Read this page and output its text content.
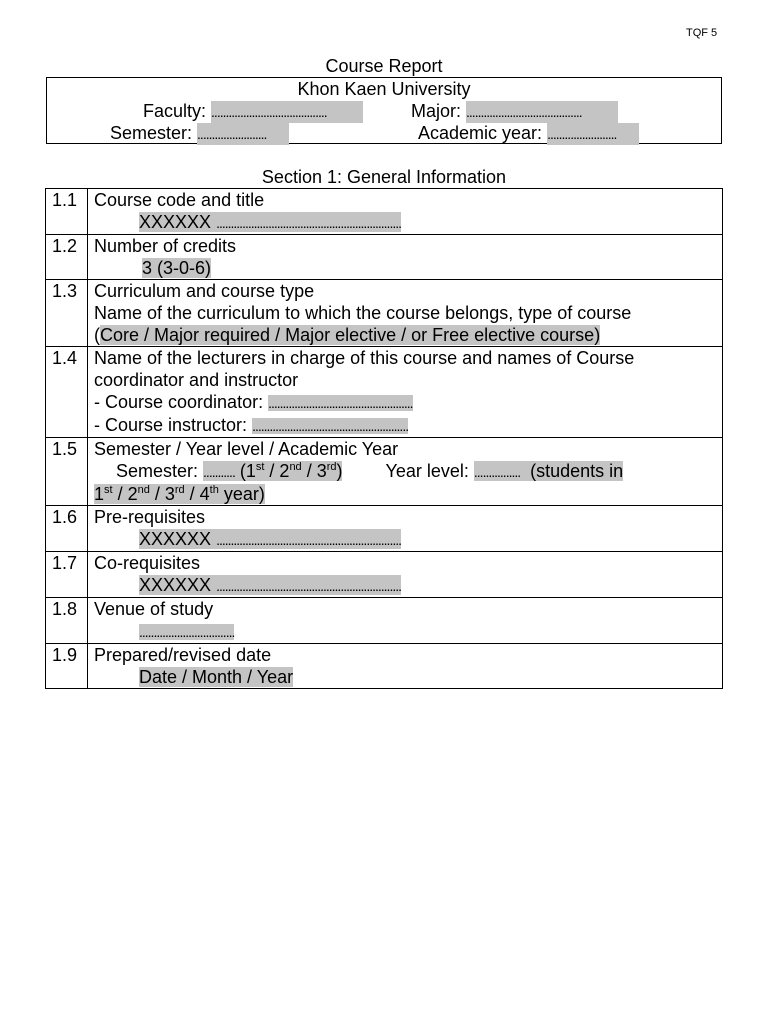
TQF 5
Course Report
Khon Kaen University
Faculty: ........................................	Major: ........................................
Semester: ........................	Academic year: ........................
Section 1: General Information
1.1	Course code and title
XXXXXX ................................................................

1.2	Number of credits
3 (3-0-6)

1.3	Curriculum and course type
Name of the curriculum to which the course belongs, type of course
(Core / Major required / Major elective / or Free elective course)

1.4	Name of the lecturers in charge of this course and names of Course coordinator and instructor
- Course coordinator: ..................................................
- Course instructor: ......................................................

1.5	Semester / Year level / Academic Year
Semester: ........... (1st / 2nd / 3rd) Year level: ................  (students in
1st / 2nd / 3rd / 4th year)

1.6	Pre-requisites
XXXXXX ................................................................

1.7	Co-requisites
XXXXXX ................................................................

1.8	Venue of study
.................................

1.9	Prepared/revised date
Date / Month / Year
